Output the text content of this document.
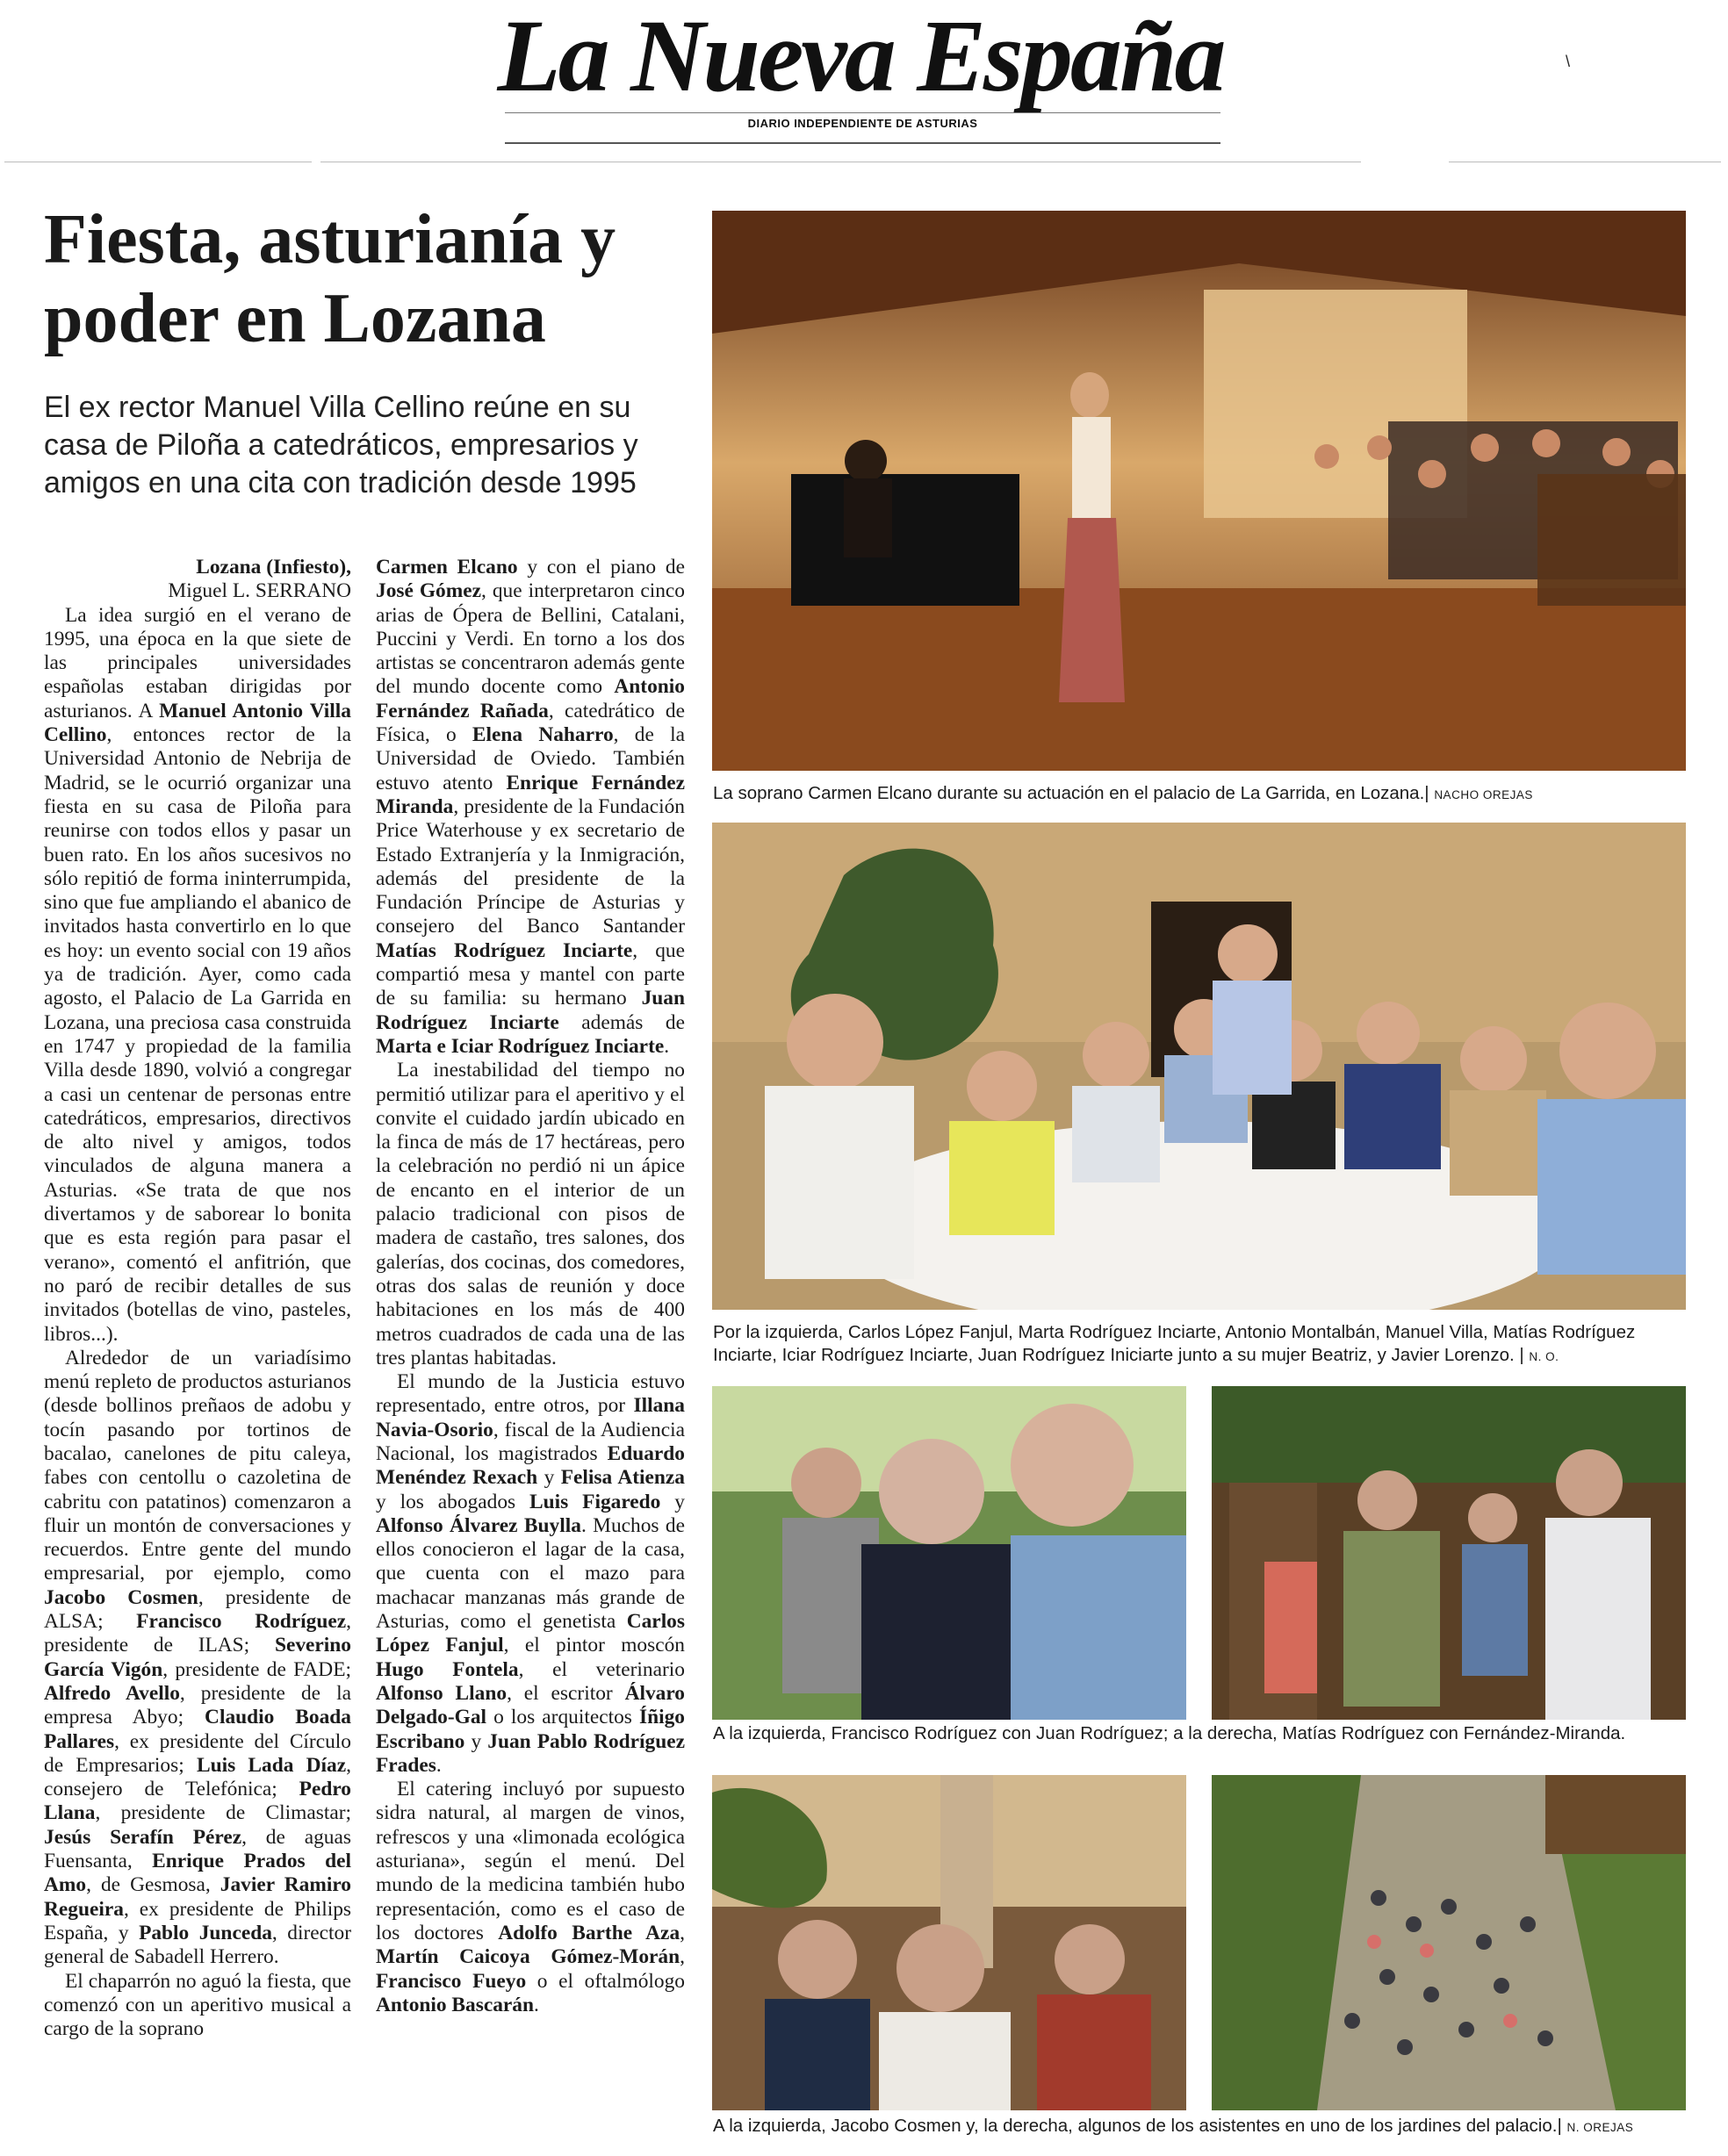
La Nueva España
DIARIO INDEPENDIENTE DE ASTURIAS
\
Fiesta, asturianía y poder en Lozana
El ex rector Manuel Villa Cellino reúne en su casa de Piloña a catedráticos, empresarios y amigos en una cita con tradición desde 1995
Lozana (Infiesto),
Miguel L. SERRANO

La idea surgió en el verano de 1995, una época en la que siete de las principales universidades españolas estaban dirigidas por asturianos. A Manuel Antonio Villa Cellino, entonces rector de la Universidad Antonio de Nebrija de Madrid, se le ocurrió organizar una fiesta en su casa de Piloña para reunirse con todos ellos y pasar un buen rato. En los años sucesivos no sólo repitió de forma ininterrumpida, sino que fue ampliando el abanico de invitados hasta convertirlo en lo que es hoy: un evento social con 19 años ya de tradición. Ayer, como cada agosto, el Palacio de La Garrida en Lozana, una preciosa casa construida en 1747 y propiedad de la familia Villa desde 1890, volvió a congregar a casi un centenar de personas entre catedráticos, empresarios, directivos de alto nivel y amigos, todos vinculados de alguna manera a Asturias. «Se trata de que nos divertamos y de saborear lo bonita que es esta región para pasar el verano», comentó el anfitrión, que no paró de recibir detalles de sus invitados (botellas de vino, pasteles, libros...).

Alrededor de un variadísimo menú repleto de productos asturianos (desde bollinos preñaos de adobu y tocín pasando por tortinos de bacalao, canelones de pitu caleya, fabes con centollu o cazoletina de cabritu con patatinos) comenzaron a fluir un montón de conversaciones y recuerdos. Entre gente del mundo empresarial, por ejemplo, como Jacobo Cosmen, presidente de ALSA; Francisco Rodríguez, presidente de ILAS; Severino García Vigón, presidente de FADE; Alfredo Avello, presidente de la empresa Abyo; Claudio Boada Pallares, ex presidente del Círculo de Empresarios; Luis Lada Díaz, consejero de Telefónica; Pedro Llana, presidente de Climastar; Jesús Serafín Pérez, de aguas Fuensanta, Enrique Prados del Amo, de Gesmosa, Javier Ramiro Regueira, ex presidente de Philips España, y Pablo Junceda, director general de Sabadell Herrero.

El chaparrón no aguó la fiesta, que comenzó con un aperitivo musical a cargo de la soprano

Carmen Elcano y con el piano de José Gómez, que interpretaron cinco arias de Ópera de Bellini, Catalani, Puccini y Verdi. En torno a los dos artistas se concentraron además gente del mundo docente como Antonio Fernández Rañada, catedrático de Física, o Elena Naharro, de la Universidad de Oviedo. También estuvo atento Enrique Fernández Miranda, presidente de la Fundación Price Waterhouse y ex secretario de Estado Extranjería y la Inmigración, además del presidente de la Fundación Príncipe de Asturias y consejero del Banco Santander Matías Rodríguez Inciarte, que compartió mesa y mantel con parte de su familia: su hermano Juan Rodríguez Inciarte además de Marta e Iciar Rodríguez Inciarte.

La inestabilidad del tiempo no permitió utilizar para el aperitivo y el convite el cuidado jardín ubicado en la finca de más de 17 hectáreas, pero la celebración no perdió ni un ápice de encanto en el interior de un palacio tradicional con pisos de madera de castaño, tres salones, dos galerías, dos cocinas, dos comedores, otras dos salas de reunión y doce habitaciones en los más de 400 metros cuadrados de cada una de las tres plantas habitadas.

El mundo de la Justicia estuvo representado, entre otros, por Illana Navia-Osorio, fiscal de la Audiencia Nacional, los magistrados Eduardo Menéndez Rexach y Felisa Atienza y los abogados Luis Figaredo y Alfonso Álvarez Buylla. Muchos de ellos conocieron el lagar de la casa, que cuenta con el mazo para machacar manzanas más grande de Asturias, como el genetista Carlos López Fanjul, el pintor moscón Hugo Fontela, el veterinario Alfonso Llano, el escritor Álvaro Delgado-Gal o los arquitectos Íñigo Escribano y Juan Pablo Rodríguez Frades.

El catering incluyó por supuesto sidra natural, al margen de vinos, refrescos y una «limonada ecológica asturiana», según el menú. Del mundo de la medicina también hubo representación, como es el caso de los doctores Adolfo Barthe Aza, Martín Caicoya Gómez-Morán, Francisco Fueyo o el oftalmólogo Antonio Bascarán.

La soprano Carmen Elcano durante su actuación en el palacio de La Garrida, en Lozana.| NACHO OREJAS
Por la izquierda, Carlos López Fanjul, Marta Rodríguez Inciarte, Antonio Montalbán, Manuel Villa, Matías Rodríguez Inciarte, Iciar Rodríguez Inciarte, Juan Rodríguez Iniciarte junto a su mujer Beatriz, y Javier Lorenzo. | N. O.
A la izquierda, Francisco Rodríguez con Juan Rodríguez; a la derecha, Matías Rodríguez con Fernández-Miranda.
A la izquierda, Jacobo Cosmen y, la derecha, algunos de los asistentes en uno de los jardines del palacio.| N. OREJAS
